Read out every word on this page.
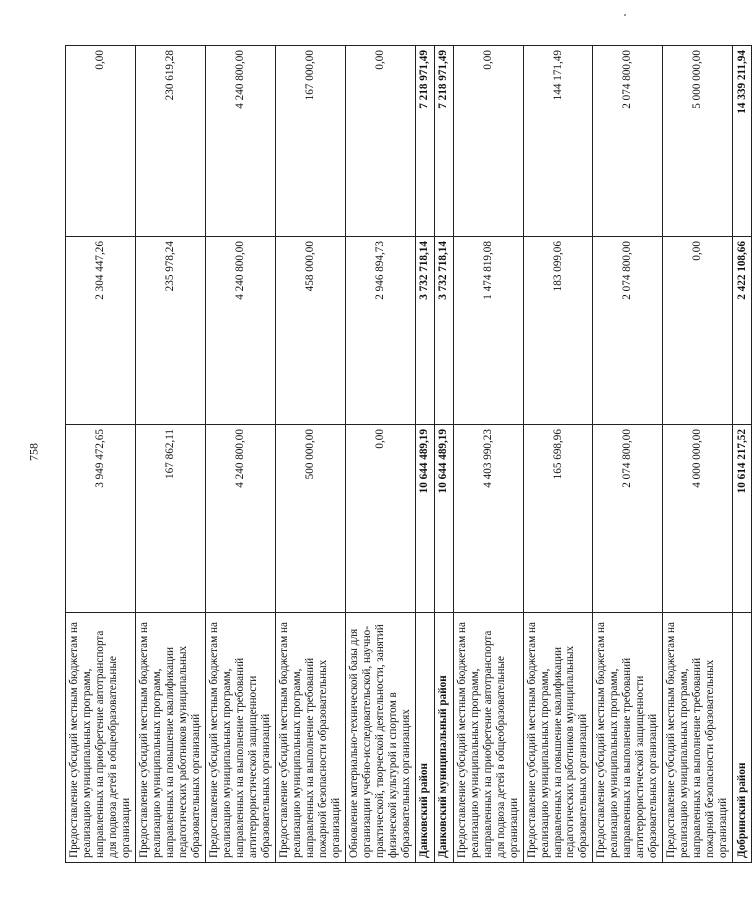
758
Предоставление субсидий местным бюджетам на реализацию муниципальных программ, направленных на приобретение автотранспорта для подвоза детей в общеобразовательные организации	3 949 472,65	2 304 447,26	0,00
Предоставление субсидий местным бюджетам на реализацию муниципальных программ, направленных на повышение квалификации педагогических работников муниципальных образовательных организаций	167 862,11	235 978,24	230 619,28
Предоставление субсидий местным бюджетам на реализацию муниципальных программ, направленных на выполнение требований антитеррористической защищенности образовательных организаций	4 240 800,00	4 240 800,00	4 240 800,00
Предоставление субсидий местным бюджетам на реализацию муниципальных программ, направленных на выполнение требований пожарной безопасности образовательных организаций	500 000,00	458 000,00	167 000,00
Обновление материально-технической базы для организации учебно-исследовательской, научно-практической, творческой деятельности, занятий физической культурой и спортом в образовательных организациях	0,00	2 946 894,73	0,00
Данковский район	10 644 489,19	3 732 718,14	7 218 971,49
Данковский муниципальный район	10 644 489,19	3 732 718,14	7 218 971,49
Предоставление субсидий местным бюджетам на реализацию муниципальных программ, направленных на приобретение автотранспорта для подвоза детей в общеобразовательные организации	4 403 990,23	1 474 819,08	0,00
Предоставление субсидий местным бюджетам на реализацию муниципальных программ, направленных на повышение квалификации педагогических работников муниципальных образовательных организаций	165 698,96	183 099,06	144 171,49
Предоставление субсидий местным бюджетам на реализацию муниципальных программ, направленных на выполнение требований антитеррористической защищенности образовательных организаций	2 074 800,00	2 074 800,00	2 074 800,00
Предоставление субсидий местным бюджетам на реализацию муниципальных программ, направленных на выполнение требований пожарной безопасности образовательных организаций	4 000 000,00	0,00	5 000 000,00
Добринский район	10 614 217,52	2 422 108,66	14 339 211,94
